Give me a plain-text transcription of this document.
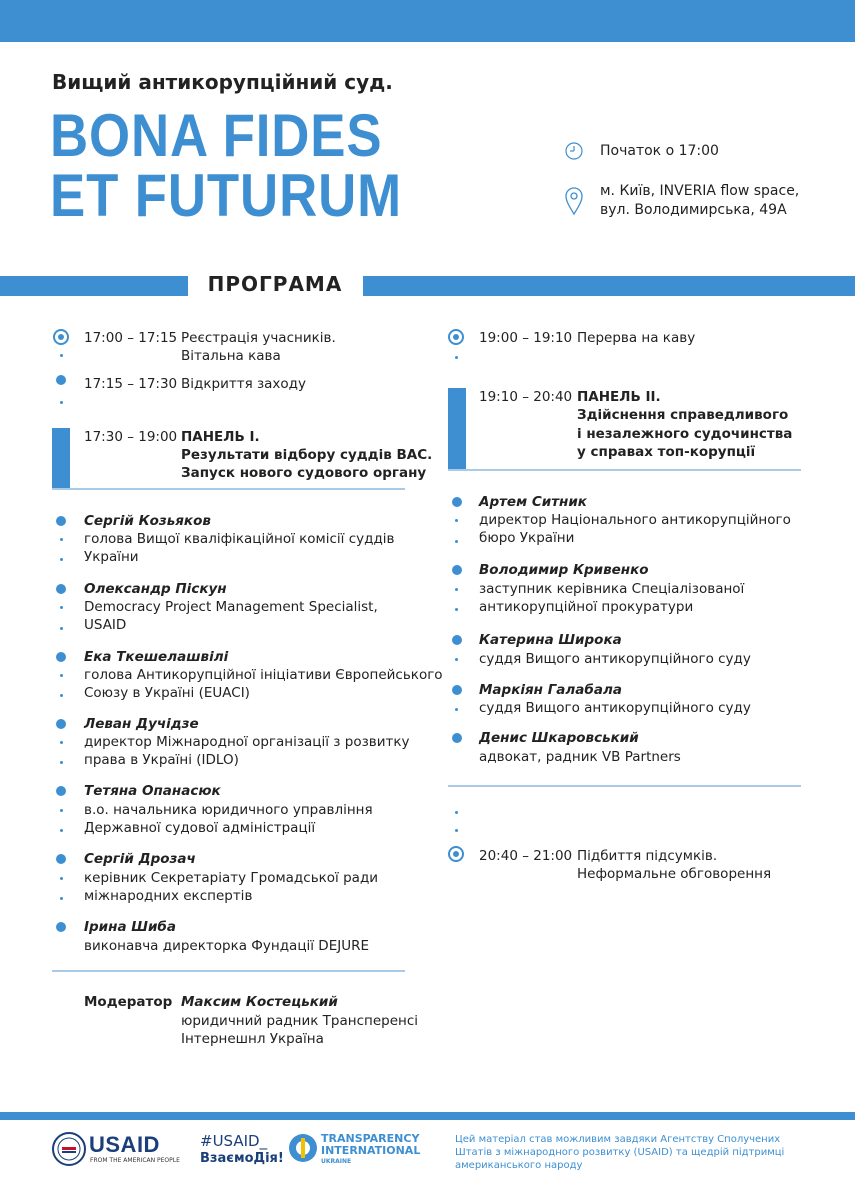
Вищий антикорупційний суд.
BONA FIDES
ET FUTURUM
Початок о 17:00
м. Київ, INVERIA flow space,
вул. Володимирська, 49А
ПРОГРАМА
17:00 – 17:15 Реєстрація учасників.
Вітальна кава
17:15 – 17:30 Відкриття заходу
17:30 – 19:00 ПАНЕЛЬ I.
Результати відбору суддів ВАС.
Запуск нового судового органу
Сергій Козьяков
голова Вищої кваліфікаційної комісії суддів
України
Олександр Піскун
Democracy Project Management Specialist,
USAID
Ека Ткешелашвілі
голова Антикорупційної ініціативи Європейського
Союзу в Україні (EUACI)
Леван Дучідзе
директор Міжнародної організації з розвитку
права в Україні (IDLO)
Тетяна Опанасюк
в.о. начальника юридичного управління
Державної судової адміністрації
Сергій Дрозач
керівник Секретаріату Громадської ради
міжнародних експертів
Ірина Шиба
виконавча директорка Фундації DEJURE
Модератор Максим Костецький
юридичний радник Трансперенсі
Інтернешнл Україна
19:00 – 19:10 Перерва на каву
19:10 – 20:40 ПАНЕЛЬ II.
Здійснення справедливого
і незалежного судочинства
у справах топ-корупції
Артем Ситник
директор Національного антикорупційного
бюро України
Володимир Кривенко
заступник керівника Спеціалізованої
антикорупційної прокуратури
Катерина Широка
суддя Вищого антикорупційного суду
Маркіян Галабала
суддя Вищого антикорупційного суду
Денис Шкаровський
адвокат, радник VB Partners
20:40 – 21:00 Підбиття підсумків.
Неформальне обговорення
USAID
FROM THE AMERICAN PEOPLE
#USAID_
ВзаємоДія!
TRANSPARENCY
INTERNATIONAL
UKRAINE
Цей матеріал став можливим завдяки Агентству Сполучених
Штатів з міжнародного розвитку (USAID) та щедрій підтримці
американського народу
